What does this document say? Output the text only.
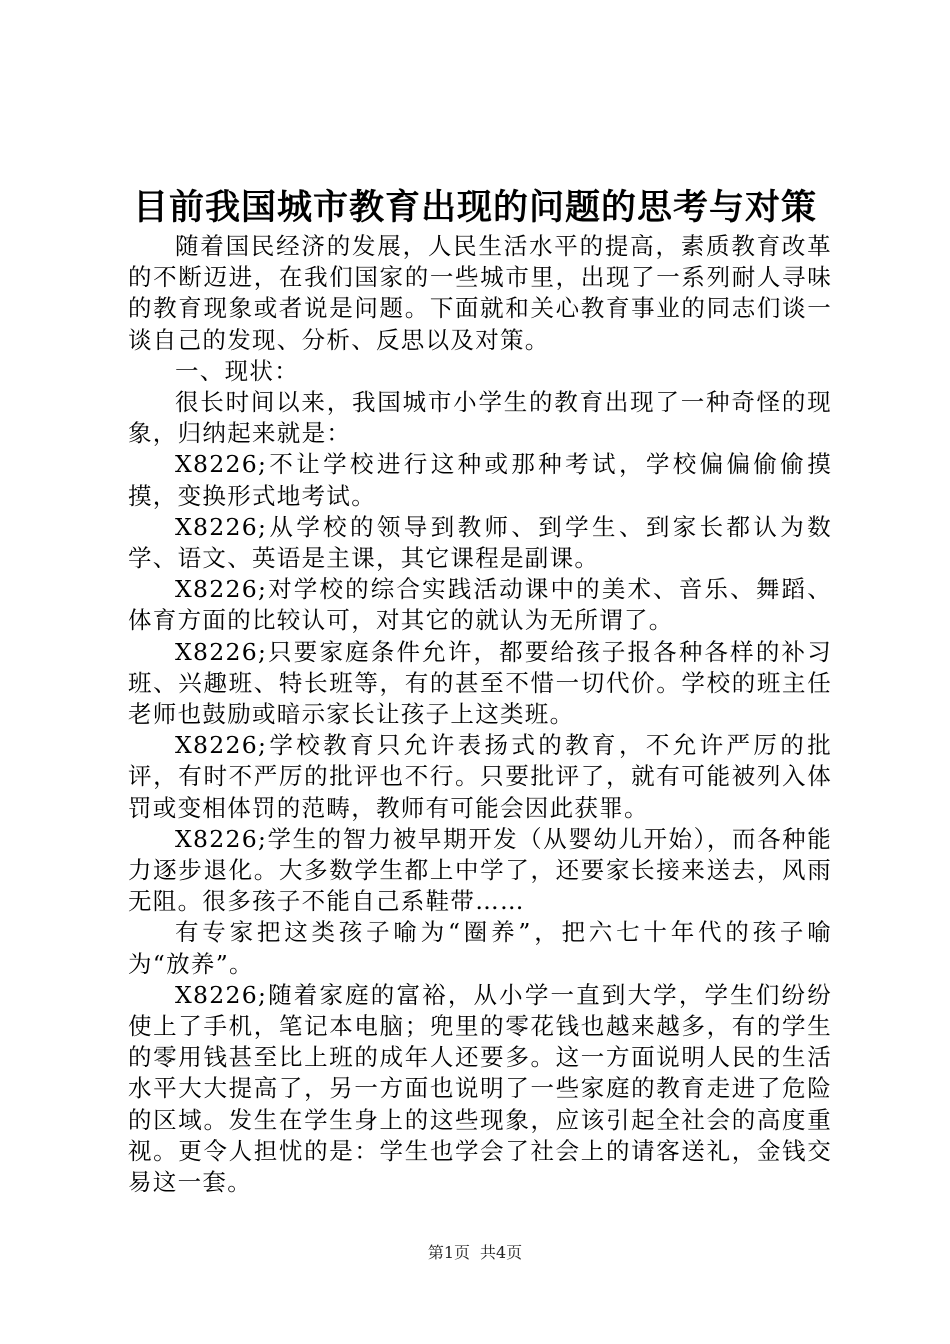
目前我国城市教育出现的问题的思考与对策

随着国民经济的发展，人民生活水平的提高，素质教育改革的不断迈进，在我们国家的一些城市里，出现了一系列耐人寻味的教育现象或者说是问题。下面就和关心教育事业的同志们谈一谈自己的发现、分析、反思以及对策。

一、现状：

很长时间以来，我国城市小学生的教育出现了一种奇怪的现象，归纳起来就是：

X8226;不让学校进行这种或那种考试，学校偏偏偷偷摸摸，变换形式地考试。

X8226;从学校的领导到教师、到学生、到家长都认为数学、语文、英语是主课，其它课程是副课。

X8226;对学校的综合实践活动课中的美术、音乐、舞蹈、体育方面的比较认可，对其它的就认为无所谓了。

X8226;只要家庭条件允许，都要给孩子报各种各样的补习班、兴趣班、特长班等，有的甚至不惜一切代价。学校的班主任老师也鼓励或暗示家长让孩子上这类班。

X8226;学校教育只允许表扬式的教育，不允许严厉的批评，有时不严厉的批评也不行。只要批评了，就有可能被列入体罚或变相体罚的范畴，教师有可能会因此获罪。

X8226;学生的智力被早期开发（从婴幼儿开始），而各种能力逐步退化。大多数学生都上中学了，还要家长接来送去，风雨无阻。很多孩子不能自己系鞋带……

有专家把这类孩子喻为“圈养”，把六七十年代的孩子喻为“放养”。

X8226;随着家庭的富裕，从小学一直到大学，学生们纷纷使上了手机，笔记本电脑；兜里的零花钱也越来越多，有的学生的零用钱甚至比上班的成年人还要多。这一方面说明人民的生活水平大大提高了，另一方面也说明了一些家庭的教育走进了危险的区域。发生在学生身上的这些现象，应该引起全社会的高度重视。更令人担忧的是：学生也学会了社会上的请客送礼，金钱交易这一套。

第1页 共4页
